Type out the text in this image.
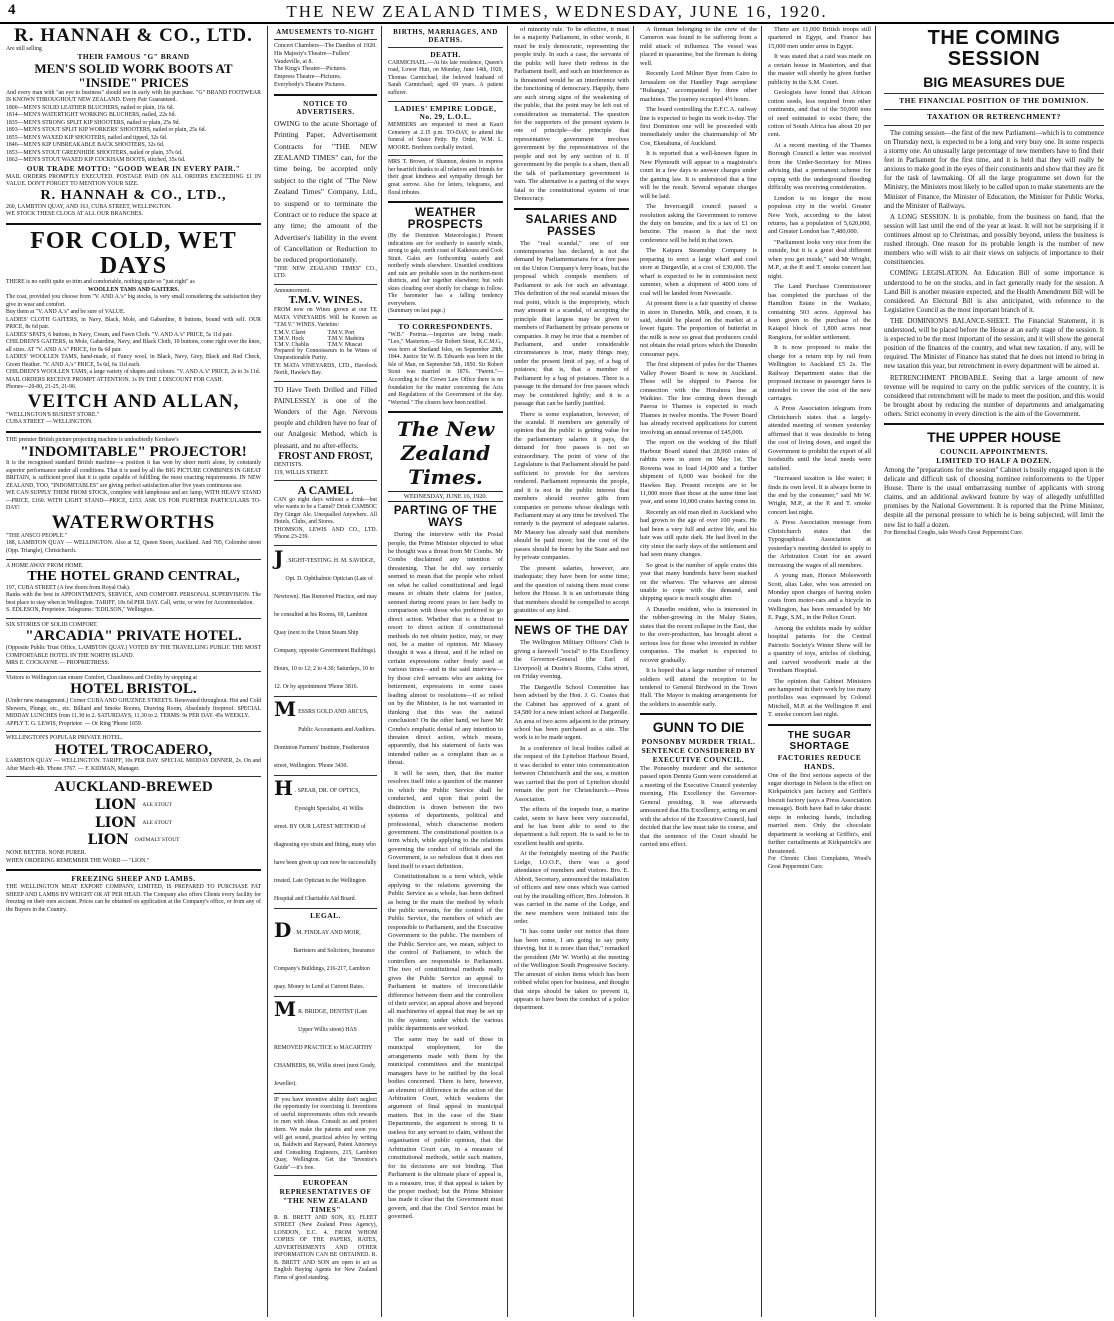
4	THE NEW ZEALAND TIMES, WEDNESDAY, JUNE 16, 1920.
R. HANNAH & CO., LTD.
Are still selling
THEIR FAMOUS "G" BRAND
MEN'S SOLID WORK BOOTS AT "INSIDE" PRICES
And every man with "an eye to business" should see in early with his purchase. "G" BRAND FOOTWEAR IS KNOWN THROUGHOUT NEW ZEALAND. Every Pair Guaranteed.
1800—MEN'S SOLID LEATHER BLUCHERS, nailed or plain, 16s 6d.
1814—MEN'S WATERTIGHT WORKING BLUCHERS, nailed, 22s 6d.
1835—MEN'S STRONG SPLIT KIP SHOOTERS, nailed or plain, 25s 9d.
1893—MEN'S STOUT SPLIT KIP WORKERS' SHOOTERS, nailed or plain, 25s 6d.
1855—MEN'S WAXED KIP SHOOTERS, nailed and tipped, 32s 6d.
1846—MEN'S KIP UNBREAKABLE BACK SHOOTERS, 32s 6d.
1853—MEN'S STOUT GREENHIDE SHOOTERS, nailed or plain, 37s 6d.
1862—MEN'S STOUT WAXED KIP COCKHAM BOOTS, stitched, 35s 6d.
OUR TRADE MOTTO: "GOOD WEAR IN EVERY PAIR."
MAIL ORDERS PROMPTLY EXECUTED. POSTAGE PAID ON ALL ORDERS EXCEEDING £1 IN VALUE. DON'T FORGET TO MENTION YOUR SIZE.
R. HANNAH & CO., LTD.,
260, LAMBTON QUAY, AND 163, CUBA STREET, WELLINGTON.
WE STOCK THESE CLOGS AT ALL OUR BRANCHES.
FOR COLD, WET DAYS
THERE is no outfit quite so trim and comfortable, nothing quite so "just right" as
WOOLLEN TAMS AND GAITERS.
The coat, provided you choose from "V. AND A.'s" big stocks, is very small considering the satisfaction they give in wear and comfort.
Buy them at "V. AND A.'s" and be sure of VALUE.
LADIES' CLOTH GAITERS, in Navy, Black, Mole, and Gabardine, 8 buttons, bound with self. OUR PRICE, 8s 6d pair.
LADIES' SPATS, 6 buttons, in Navy, Cream, and Fawn Cloth. "V. AND A.'s" PRICE, 5s 11d pair.
CHILDREN'S GAITERS, in Mole, Gabardine, Navy, and Black Cloth, 10 buttons, come right over the knee, all sizes. AT "V. AND A.'s" PRICE, for 8s 6d pair.
LADIES' WOOLLEN TAMS, hand-made, of Fancy wool, in Black, Navy, Grey, Black and Red Check, Green Heather. "V. AND A.'s" PRICE, 5s 6d, 6s 11d each.
CHILDREN'S WOOLLEN TAMS, a large variety of shapes and colours. "V. AND A.'s" PRICE, 2s to 3s 11d.
MAIL ORDERS RECEIVE PROMPT ATTENTION. 1s IN THE £ DISCOUNT FOR CASH.
Phones—20-80, 21-25, 21-96.
VEITCH AND ALLAN,
"WELLINGTON'S BUSIEST STORE."
CUBA STREET — WELLINGTON.
THE premier British picture projecting machine is undoubtedly Kershaw's
"INDOMITABLE" PROJECTOR!
It is the recognised standard British machine—a position it has won by sheer merit alone, by constantly superior performance under all conditions. That it is used by all the BIG PICTURE COMBINES IN GREAT BRITAIN, is sufficient proof that it is quite capable of fulfilling the most exacting requirements. IN NEW ZEALAND, TOO, "INDOMITABLES" are giving perfect satisfaction after five years continuous use.
WE CAN SUPPLY THEM FROM STOCK, complete with lamphouse and arc lamp, WITH HEAVY STAND—PRICE, £160. WITH LIGHT STAND—PRICE, £153. ASK US FOR FURTHER PARTICULARS TO-DAY!
WATERWORTHS
"THE ANSCO PEOPLE."
188, LAMBTON QUAY — WELLINGTON. Also at 52, Queen Street, Auckland. And 705, Colombo street (Opp. Triangle), Christchurch.
A HOME AWAY FROM HOME.
THE HOTEL GRAND CENTRAL,
197, CUBA STREET (A few doors from Royal Oak).
Ranks with the best in APPOINTMENTS, SERVICE, AND COMFORT. PERSONAL SUPERVISION. The best place to stay when in Wellington. TARIFF, 10s 6d PER DAY. Call, write, or wire for Accommodation.
S. EDLESON, Proprietor. Telegrams: "EDILSON," Wellington.
SIX STORIES OF SOLID COMFORT.
"ARCADIA" PRIVATE HOTEL.
(Opposite Public Trust Office, LAMBTON QUAY.) VOTED BY THE TRAVELLING PUBLIC THE MOST COMFORTABLE HOTEL IN THE NORTH ISLAND.
MRS E. COCKAYNE — PROPRIETRESS.
Visitors to Wellington can ensure Comfort, Cleanliness and Civility by stopping at
HOTEL BRISTOL.
(Under new management.) Corner CUBA AND GHUZNEE STREETS. Renovated throughout. Hot and Cold Showers, Plunge, etc., etc. Billiard and Smoke Rooms, Drawing Room, Absolutely fireproof. SPECIAL MIDDAY LUNCHES from 11.30 to 2. SATURDAYS, 11.30 to 2. TERMS: 9s PER DAY. 45s WEEKLY.
APPLY T. G. LEWIS, Proprietor. — Or Ring 'Phone 1659.
WELLINGTON'S POPULAR PRIVATE HOTEL.
HOTEL TROCADERO,
LAMBTON QUAY — WELLINGTON. TARIFF, 10s PER DAY. SPECIAL MIDDAY DINNER, 2s. On and After March 4th. 'Phone 3767. — F. KIDMAN, Manager.
AUCKLAND-BREWED
LION ALE STOUT
LION ALE STOUT
LION OATMALT STOUT
NONE BETTER. NONE PURER.
WHEN ORDERING REMEMBER THE WORD — "LION."
FREEZING SHEEP AND LAMBS.
THE WELLINGTON MEAT EXPORT COMPANY, LIMITED, IS PREPARED TO PURCHASE FAT SHEEP AND LAMBS BY WEIGHT OR AT PER HEAD. The Company also offers Clients every facility for freezing on their own account. Prices can be obtained on application at the Company's office, or from any of the Buyers in the Country.
AMUSEMENTS TO-NIGHT
Concert Chambers—The Dandies of 1920.
His Majesty's Theatre—Fullers' Vaudeville, at 8.
The King's Theatre—Pictures.
Empress Theatre—Pictures.
Everybody's Theatre Pictures.
NOTICE TO ADVERTISERS.
OWING to the acute Shortage of Printing Paper, Advertisement Contracts for "THE NEW ZEALAND TIMES" can, for the time being, be accepted only subject to the right of "The New Zealand Times" Company, Ltd., to suspend or to terminate the Contract or to reduce the space at any time; the amount of the Advertiser's liability in the event of Cancellation or Reduction to be reduced proportionately.
"THE NEW ZEALAND TIMES" CO., LTD.
Announcement.
T.M.V. WINES.
FROM now on Wines grown at our TE MATA VINEYARDS Will be Known as "T.M.V." WINES. Varieties:
T.M.V. Claret	T.M.V. Port
T.M.V. Hock	T.M.V. Madeira
T.M.V. Chablis	T.M.V. Muscat
Prepared by Connoisseurs to be Wines of Unquestionable Purity.
TE MATA VINEYARDS, LTD., Havelock North, Hawke's Bay.
TO Have Teeth Drilled and Filled PAINLESSLY is one of the Wonders of the Age. Nervous people and children have no fear of our Analgesic Method, which is pleasant, and no after-effects.
FROST AND FROST,
DENTISTS.
119, WILLIS STREET.
A CAMEL
CAN go eight days without a drink—but who wants to be a Camel? Drink CAMBOC Dry Ginger Ale. Unequalled Anywhere. All Hotels, Clubs, and Stores.
THOMSON, LEWIS AND CO., LTD. 'Phone 23-239.
J . SIGHT-TESTING. H. M. SAVIDGE, Opt. D. Ophthalmic Optician (Late of Newtown). Has Removed Practice, and may be consulted at his Rooms, 69, Lambton Quay (next to the Union Steam Ship Company, opposite Government Buildings). Hours, 10 to 12; 2 to 4.30; Saturdays, 10 to 12. Or by appointment 'Phone 3816.
M ESSRS GOLD AND ARCUS, Public Accountants and Auditors. Dominion Farmers' Institute, Featherston street, Wellington. 'Phone 3430.
H . SPEAR, DR. OF OPTICS, Eyesight Specialist, 41 Willis street. BY OUR LATEST METHOD of diagnosing eye strain and fitting, many who have been given up can now be successfully treated. Late Optician to the Wellington Hospital and Charitable Aid Board.
LEGAL.
D . M. FINDLAY AND MOIR, Barristers and Solicitors, Insurance Company's Buildings, 216-217, Lambton quay. Money to Lend at Current Rates.
M R. BRIDGE, DENTIST (Late Upper Willis street) HAS REMOVED PRACTICE to MACARTHY CHAMBERS, 86, Willis street (next Grady, Jeweller).
IF you have inventive ability don't neglect the opportunity for exercising it. Inventions of useful improvements often rich rewards to men with ideas. Consult us and protect them. We make the patents and soon you will get sound, practical advice by writing us, Baldwin and Rayward, Patent Attorneys and Consulting Engineers, 215, Lambton Quay, Wellington. Get the "Inventor's Guide"—it's free.
EUROPEAN REPRESENTATIVES OF "THE NEW ZEALAND TIMES"
R. B. BRETT AND SON, 83, FLEET STREET (New Zealand Press Agency), LONDON, E.C. 4. FROM WHOM COPIES OF THE PAPERS, RATES, ADVERTISEMENTS AND OTHER INFORMATION CAN BE OBTAINED. R. B. BRETT AND SON are open to act as English Buying Agents for New Zealand Firms of good standing.
BIRTHS, MARRIAGES, AND DEATHS.
DEATH.
CARMICHAEL.—At his late residence, Queen's road, Lower Hutt, on Monday, June 14th, 1920, Thomas Carmichael, the beloved husband of Sarah Carmichael; aged 69 years. A patient sufferer.
LADIES' EMPIRE LODGE, No. 29, L.O.L.
MEMBERS are requested to meet at Kauri Cemetery at 2.15 p.m. TO-DAY, to attend the funeral of Sister Petty. By Order, W.M. L. MOORE. Brethren cordially invited.
MRS T. Brown, of Shannon, desires to express her heartfelt thanks to all relatives and friends for their great kindness and sympathy through her great sorrow. Also for letters, telegrams, and floral tributes.
WEATHER PROSPECTS
(By the Dominion Meteorologist.) Present indications are for southerly to easterly winds, strong to gale, north coast of Kaikoura and Cook Strait. Gales are forthcoming easterly and northerly winds elsewhere. Unsettled conditions and rain are probable soon in the northern-most districts, and fair together elsewhere; but with skies clouding over shortly for change to follow. The barometer has a falling tendency everywhere.
(Summary on last page.)
TO CORRESPONDENTS.
"W.B." Porirua.—Inquiries are being made. "Leo," Masterton.—Sir Robert Stout, K.C.M.G., was born at Shetland Isles, on September 28th, 1844. Justice Sir W. B. Edwards was born in the Isle of Man, on September 5th, 1850. Sir Robert Stout was married in 1876. "Parent."—According to the Crown Law Office there is no foundation for the matter concerning the Acts and Regulations of the Government of the day. "Worried." The closers have been notified.
The New Zealand Times.
WEDNESDAY, JUNE 16, 1920.
PARTING OF THE WAYS

During the interview with the Postal people, the Prime Minister objected to what he thought was a threat from Mr Combs. Mr Combs disclaimed any intention of threatening. That he did say certainly seemed to mean that the people who relied on what he called constitutional and legal means to obtain their claims for justice, seemed during recent years to fare badly in comparison with those who preferred to go direct action. Whether that is a threat to resort to direct action if constitutional methods do not obtain justice, may, or may not, be a matter of opinion. Mr Massey thought it was a threat, and if he relied on certain expressions rather freely used at various times—and in the said interview—by those civil servants who are asking for betterment, expressions in some cases leading almost to resolutions—if so relied on by the Minister, is he not warranted in thinking that this was the natural conclusion? On the other hand, we have Mr Combs's emphatic denial of any intention to threaten direct action, which means, apparently, that his statement of facts was intended rather as a complaint than as a threat.

It will be seen, then, that the matter resolves itself into a question of the manner in which the Public Service shall be conducted, and upon that point the distinction is drawn between the two systems of departments, political and professional, which characterise modern government. The constitutional position is a term which, while applying to the relations governing the conduct of officials and the Government, is so nebulous that it does not lend itself to exact definition.

Constitutionalism is a term which, while applying to the relations governing the Public Service as a whole, has been defined as being in the main the method by which the public servants, for the control of the Public Service, the members of which are responsible to Parliament, and the Executive Government to the public. The members of the Public Service are, we mean, subject to the control of Parliament, to which the controllers are responsible to Parliament. The two of constitutional methods really gives the Public Service an appeal to Parliament in matters of irreconcilable difference between them and the controllers of their service; an appeal above and beyond all machineries of appeal that may be set up in the system; under which the various public departments are worked.

The same may be said of those in municipal employment, for the arrangements made with them by the municipal committees and the municipal managers have to be ratified by the local bodies concerned. There is here, however, an element of difference in the action of the Arbitration Court, which weakens the argument of final appeal in municipal matters. But in the case of the State Departments, the argument is strong. It is useless for any servant to claim, without the organisation of public opinion, that the Arbitration Court can, in a measure of constitutional methods, settle such matters, for its decisions are not binding. That Parliament is the ultimate place of appeal is, in a measure, true, if that appeal is taken by the proper method; but the Prime Minister has made it clear that the Government must govern, and that the Civil Service must be governed.

of minority rule. To be effective, it must be a majority Parliament, in other words, it must be truly democratic, representing the people truly. In such a case, the servants of the public will have their redress in the Parliament itself, and such an interference as is threatened would be an interference with the functioning of democracy. Happily, there are such strong signs of the weakening of the public, that the point may be left out of consideration as immaterial. The question for the supporters of the present system is one of principle—the principle that representative government involves government by the representatives of the people and not by any section of it. If government by the people is a sham, then all the talk of parliamentary government is vain. The alternative is a parting of the ways fatal to the constitutional system of true Democracy.

SALARIES AND PASSES

The "real scandal," one of our contemporaries has declared, is not the demand by Parliamentarians for a free pass on the Union Company's ferry boats, but the proposal which compels members of Parliament to ask for such an advantage. This definition of the real scandal misses the real point, which is the impropriety, which may amount to a scandal, of accepting the principle that largess may be given to members of Parliament by private persons or companies. It may be true that a member of Parliament, and under considerable circumstances is true, many things may, under the present limit of pay, of a bag of potatoes; that is, that a member of Parliament by a bag of potatoes. There is a passage in the demand for free passes which may be considered lightly; and it is a passage that can be hardly justified.

There is some explanation, however, of the scandal. If members are generally of opinion that the public is getting value for the parliamentary salaries it pays, the demand for free passes is not so extraordinary. The point of view of the Legislature is that Parliament should be paid sufficient to provide for the services rendered. Parliament represents the people, and it is not in the public interest that members should receive gifts from companies or persons whose dealings with Parliament may at any time be involved. The remedy is the payment of adequate salaries. Mr Massey has already said that members should be paid more; but the cost of the passes should be borne by the State and not by private companies.

The present salaries, however, are inadequate; they have been for some time; and the question of raising them must come before the House. It is an unfortunate thing that members should be compelled to accept gratuities of any kind.

NEWS OF THE DAY

The Wellington Military Officers' Club is giving a farewell "social" to His Excellency the Governor-General (the Earl of Liverpool) at Dustin's Rooms, Cuba street, on Friday evening.

The Dargaville School Committee has been advised by the Hon. J. G. Coates that the Cabinet has approved of a grant of £4,580 for a new infant school at Dargaville. An area of two acres adjacent to the primary school has been purchased as a site. The work is to be made urgent.

In a conference of local bodies called at the request of the Lyttelton Harbour Board, it was decided to enter into communication between Christchurch and the sea, a motion was carried that the port of Lyttelton should remain the port for Christchurch.—Press Association.

The effects of the torpedo tour, a marine cadet, seem to have been very successful, and he has been able to send to the department a full report. He is said to be in excellent health and spirits.

At the fortnightly meeting of the Pacific Lodge, I.O.O.F., there was a good attendance of members and visitors. Bro. E. Abbott, Secretary, announced the installation of officers and new ones which was carried out by the installing officer, Bro. Johnston. It was carried in the name of the Lodge, and the new members were initiated into the order.

"It has come under our notice that there has been some, I am going to say petty thieving, but it is more than that," remarked the president (Mr W. Worth) at the meeting of the Wellington South Progressive Society. The amount of stolen items which has been robbed whilst open for business, and thought that steps should be taken to prevent it, appears to have been the conduct of a police department.

A fireman belonging to the crew of the Cameron was found to be suffering from a mild attack of influenza. The vessel was placed in quarantine, but the fireman is doing well.

Recently Lord Milner Byer from Cairo to Jerusalem on the Handley Page aeroplane "Ruhanga," accompanied by three other machines. The journey occupied 4½ hours.

The board controlling the E.F.C.A. railway line is expected to begin its work to-day. The first Dominion one will be proceeded with immediately under the chairmanship of Mr Coe, Eketahuna, of Auckland.

It is reported that a well-known figure in New Plymouth will appear in a magistrate's court in a few days to answer charges under the gaming law. It is understood that a fine will be the result. Several separate charges will be laid.

The Invercargill council passed a resolution asking the Government to remove the duty on benzine, and fix a tax of £1 on benzine. The reason is that the next conference will be held in that town.

The Kaipara Steamship Company is preparing to erect a large wharf and cool store at Dargaville, at a cost of £30,000. The wharf is expected to be in commission next summer, when a shipment of 4000 tons of coal will be landed from Newcastle.

At present there is a fair quantity of cheese in store in Dunedin. Milk, and cream, it is said, should be placed on the market at a lower figure. The proportion of butterfat in the milk is now so great that producers could not obtain the retail prices which the Dunedin consumer pays.

The first shipment of poles for the Thames Valley Power Board is now in Auckland. These will be shipped to Paeroa for connection with the Horahora line at Waikino. The line coming down through Paeroa to Thames is expected to reach Thames in twelve months. The Power Board has already received applications for current involving an annual revenue of £45,000.

The report on the working of the Bluff Harbour Board stated that 28,960 crates of rabbits were in store on May 1st. The Rowena was to load 14,000 and a further shipment of 6,000 was booked for the Hawkes Bay. Present receipts are to be 11,000 more than those at the same time last year, and some 10,000 crates having come in.

Recently an old man died in Auckland who had grown to the age of over 100 years. He had been a very full and active life, and his hair was still quite dark. He had lived in the city since the early days of the settlement and had seen many changes.

So great is the number of apple crates this year that many hundreds have been stacked on the wharves. The wharves are almost unable to cope with the demand, and shipping space is much sought after.

A Dunedin resident, who is interested in the rubber-growing in the Malay States, states that the recent collapse in the East, due to the over-production, has brought about a serious loss for those who invested in rubber companies. The market is expected to recover gradually.

It is hoped that a large number of returned soldiers will attend the reception to be tendered to General Birdwood in the Town Hall. The Mayor is making arrangements for the soldiers to assemble early.

GUNN TO DIE
PONSONBY MURDER TRIAL.
SENTENCE CONSIDERED BY EXECUTIVE COUNCIL.
The Ponsonby murderer and the sentence passed upon Dennis Gunn were considered at a meeting of the Executive Council yesterday morning, His Excellency the Governor-General presiding. It was afterwards announced that His Excellency, acting on and with the advice of the Executive Council, had decided that the law must take its course, and that the sentence of the Court should be carried into effect.

There are 11,000 British troops still quartered in Egypt, and France has 15,000 men under arms in Egypt.

It was stated that a raid was made on a certain house in Masterton, and that the master will shortly be given further publicity in the S.M. Court.

Geologists have found that African cotton seeds, less required from other continents, and that of the 50,000 tons of seed estimated to exist there, the cotton of South Africa has about 20 per cent.

At a recent meeting of the Thames Borough Council a letter was received from the Under-Secretary for Mines advising that a permanent scheme for coping with the underground flooding difficulty was receiving consideration.

London is no longer the most populous city in the world. Greater New York, according to the latest returns, has a population of 5,620,000, and Greater London has 7,480,000.

"Parliament looks very nice from the outside, but it is a great deal different when you get inside," said Mr Wright, M.P., at the P. and T. smoke concert last night.

The Land Purchase Commissioner has completed the purchase of the Hamilton Estate in the Waikato, containing 503 acres. Approval has been given to the purchase of the Kaiapoi block of 1,800 acres near Rangiora, for soldier settlement.

It is now proposed to make the charge for a return trip by rail from Wellington to Auckland £5 2s. The Railway Department states that the proposed increase in passenger fares is intended to cover the cost of the new carriages.

A Press Association telegram from Christchurch states that a largely-attended meeting of women yesterday affirmed that it was desirable to bring the cost of living down, and urged the Government to prohibit the export of all foodstuffs until the local needs were satisfied.

"Increased taxation is like water; it finds its own level. It is always borne in the end by the consumer," said Mr W. Wright, M.P., at the P. and T. smoke concert last night.

A Press Association message from Christchurch states that the Typographical Association at yesterday's meeting decided to apply to the Arbitration Court for an award increasing the wages of all members.

A young man, Horace Molesworth Scott, alias Lake, who was arrested on Monday upon charges of having stolen coats from motor-cars and a bicycle in Wellington, has been remanded by Mr E. Page, S.M., in the Police Court.

Among the exhibits made by soldier hospital patients for the Central Patriotic Society's Winter Show will be a quantity of toys, articles of clothing, and carved woodwork made at the Trentham Hospital.

The opinion that Cabinet Ministers are hampered in their work by too many portfolios was expressed by Colonel Mitchell, M.P. at the Wellington P. and T. smoke concert last night.

THE SUGAR SHORTAGE
FACTORIES REDUCE HANDS.
One of the first serious aspects of the sugar shortage in Nelson is the effect on Kirkpatrick's jam factory and Griffin's biscuit factory (says a Press Association message). Both have had to take drastic steps in reducing hands, including married men. Only the chocolate department is working at Griffin's, and further curtailments at Kirkpatrick's are threatened.
For Chronic Chest Complaints, Wood's Great Peppermint Cure.
THE COMING SESSION
BIG MEASURES DUE
THE FINANCIAL POSITION OF THE DOMINION.
TAXATION OR RETRENCHMENT?

The coming session—the first of the new Parliament—which is to commence on Thursday next, is expected to be a long and very busy one. In some respects a stormy one. An unusually large percentage of new members have to find their feet in Parliament for the first time, and it is held that they will really be anxious to make good in the eyes of their constituents and show that they are fit for the task of lawmaking. Of all the large programme set down for the Ministry, the Ministers most likely to be called upon to make statements are the Minister of Finance, the Minister of Education, the Minister for Public Works, and the Minister of Railways.

A LONG SESSION. It is probable, from the business on hand, that the session will last until the end of the year at least. It will not be surprising if it continues almost up to Christmas, and possibly beyond, unless the business is rushed through. One reason for its probable length is the number of new members who will wish to air their views on subjects of importance to their constituencies.

COMING LEGISLATION. An Education Bill of some importance is understood to be on the stocks, and in fact generally ready for the session. A Land Bill is another measure expected, and the Health Amendment Bill will be considered. An Electoral Bill is also anticipated, with reference to the Legislative Council as the most important branch of it.

THE DOMINION'S BALANCE-SHEET. The Financial Statement, it is understood, will be placed before the House at an early stage of the session. It is expected to be the most important of the session, and it will show the general position of the finances of the country, and what new taxation, if any, will be required. The Minister of Finance has stated that he does not intend to bring in new taxation this year, but retrenchment in every department will be aimed at.

RETRENCHMENT PROBABLE. Seeing that a large amount of new revenue will be required to carry on the public services of the country, it is considered that retrenchment will be made to meet the position, and this would be brought about by reducing the number of departments and amalgamating others. Strict economy in every direction is the aim of the Government.

THE UPPER HOUSE
COUNCIL APPOINTMENTS.
LIMITED TO HALF A DOZEN.
Among the "preparations for the session" Cabinet is busily engaged upon is the delicate and difficult task of choosing nominee reinforcements to the Upper House. There is the usual embarrassing number of applicants with strong claims, and an additional awkward feature by way of allegedly unfulfilled promises by the National Government. It is reported that the Prime Minister, despite all the personal pressure to which he is being subjected, will limit the new list to half a dozen.
For Bronchial Coughs, take Wood's Great Peppermint Cure.
